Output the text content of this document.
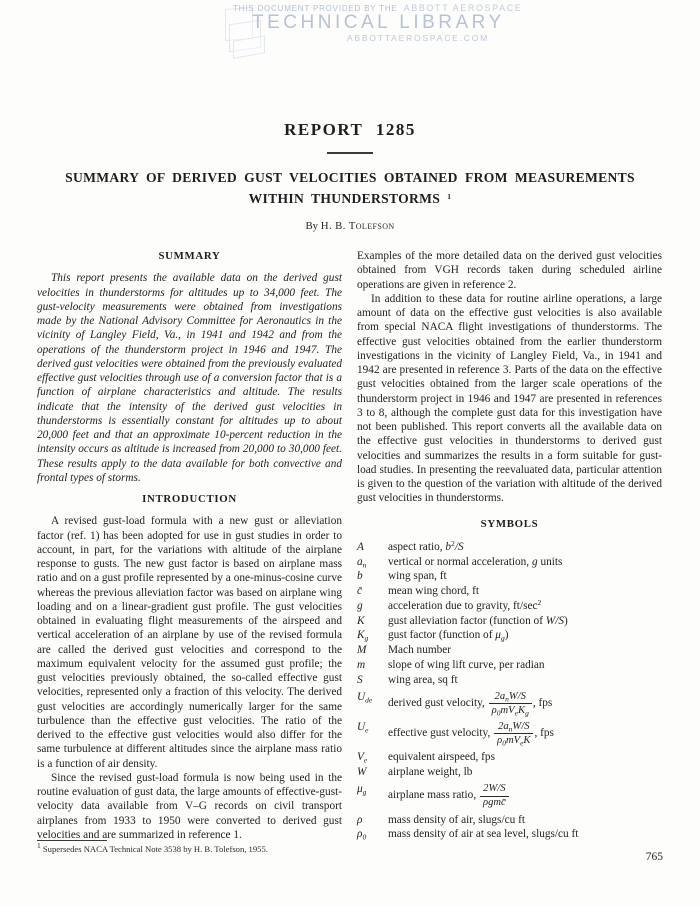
THIS DOCUMENT PROVIDED BY THE ABBOTT AEROSPACE
TECHNICAL LIBRARY
ABBOTTAEROSPACE.COM
REPORT 1285
SUMMARY OF DERIVED GUST VELOCITIES OBTAINED FROM MEASUREMENTS
WITHIN THUNDERSTORMS $^1$
By H. B. Tolefson
SUMMARY

This report presents the available data on the derived gust velocities in thunderstorms for altitudes up to 34,000 feet. The gust-velocity measurements were obtained from investigations made by the National Advisory Committee for Aeronautics in the vicinity of Langley Field, Va., in 1941 and 1942 and from the operations of the thunderstorm project in 1946 and 1947. The derived gust velocities were obtained from the previously evaluated effective gust velocities through use of a conversion factor that is a function of airplane characteristics and altitude. The results indicate that the intensity of the derived gust velocities in thunderstorms is essentially constant for altitudes up to about 20,000 feet and that an approximate 10-percent reduction in the intensity occurs as altitude is increased from 20,000 to 30,000 feet. These results apply to the data available for both convective and frontal types of storms.

INTRODUCTION

A revised gust-load formula with a new gust or alleviation factor (ref. 1) has been adopted for use in gust studies in order to account, in part, for the variations with altitude of the airplane response to gusts. The new gust factor is based on airplane mass ratio and on a gust profile represented by a one-minus-cosine curve whereas the previous alleviation factor was based on airplane wing loading and on a linear-gradient gust profile. The gust velocities obtained in evaluating flight measurements of the airspeed and vertical acceleration of an airplane by use of the revised formula are called the derived gust velocities and correspond to the maximum equivalent velocity for the assumed gust profile; the gust velocities previously obtained, the so-called effective gust velocities, represented only a fraction of this velocity. The derived gust velocities are accordingly numerically larger for the same turbulence than the effective gust velocities. The ratio of the derived to the effective gust velocities would also differ for the same turbulence at different altitudes since the airplane mass ratio is a function of air density.

Since the revised gust-load formula is now being used in the routine evaluation of gust data, the large amounts of effective-gust-velocity data available from V–G records on civil transport airplanes from 1933 to 1950 were converted to derived gust velocities and are summarized in reference 1.

Examples of the more detailed data on the derived gust velocities obtained from VGH records taken during scheduled airline operations are given in reference 2.

In addition to these data for routine airline operations, a large amount of data on the effective gust velocities is also available from special NACA flight investigations of thunderstorms. The effective gust velocities obtained from the earlier thunderstorm investigations in the vicinity of Langley Field, Va., in 1941 and 1942 are presented in reference 3. Parts of the data on the effective gust velocities obtained from the larger scale operations of the thunderstorm project in 1946 and 1947 are presented in references 3 to 8, although the complete gust data for this investigation have not been published. This report converts all the available data on the effective gust velocities in thunderstorms to derived gust velocities and summarizes the results in a form suitable for gust-load studies. In presenting the reevaluated data, particular attention is given to the question of the variation with altitude of the derived gust velocities in thunderstorms.

SYMBOLS
A	aspect ratio, $b^2/S$
$a_n$	vertical or normal acceleration, g units
b	wing span, ft
c̄	mean wing chord, ft
g	acceleration due to gravity, $ft/\sec^2$
K	gust alleviation factor (function of W/S)
$K_g$	gust factor (function of $\mu_g$)
M	Mach number
m	slope of wing lift curve, per radian
S	wing area, sq ft
$U_{de}$	derived gust velocity, $\frac{2a_nW/S}{\rho_0mV_eK_g}$ , fps
$U_e$	effective gust velocity, $\frac{2a_nW/S}{\rho_0mV_eK}$ , fps
$V_e$	equivalent airspeed, fps
W	airplane weight, lb
$\mu_g$	airplane mass ratio, $\frac{2W/S}{\text{ρgmc̄}}$
ρ	mass density of air, slugs/cu ft
$\rho_0$	mass density of air at sea level, slugs/cu ft
$^1$ Supersedes NACA Technical Note 3538 by H. B. Tolefson, 1955.
765
